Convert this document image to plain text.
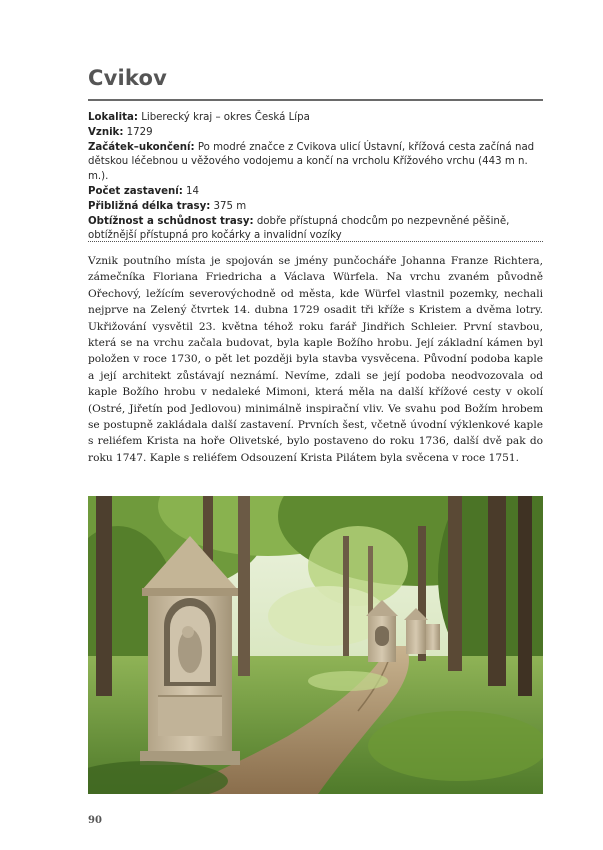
Cvikov

Lokalita: Liberecký kraj – okres Česká Lípa

Vznik: 1729

Začátek–ukončení: Po modré značce z Cvikova ulicí Ústavní, křížová cesta začíná nad dětskou léčebnou u věžového vodojemu a končí na vrcholu Křížového vrchu (443 m n. m.).

Počet zastavení: 14

Přibližná délka trasy: 375 m

Obtížnost a schůdnost trasy: dobře přístupná chodcům po nezpevněné pěšině, obtížnější přístupná pro kočárky a invalidní vozíky

Vznik poutního místa je spojován se jmény punčocháře Johanna Franze Richtera, zámečníka Floriana Friedricha a Václava Würfela. Na vrchu zvaném původně Ořechový, ležícím severovýchodně od města, kde Würfel vlastnil pozemky, nechali nejprve na Zelený čtvrtek 14. dubna 1729 osadit tři kříže s Kristem a dvěma lotry. Ukřižování vysvětil 23. května téhož roku farář Jindřich Schleier. První stavbou, která se na vrchu začala budovat, byla kaple Božího hrobu. Její základní kámen byl položen v roce 1730, o pět let později byla stavba vysvěcena. Původní podoba kaple a její architekt zůstávají neznámí. Nevíme, zdali se její podoba neodvozovala od kaple Božího hrobu v nedaleké Mimoni, která měla na další křížové cesty v okolí (Ostré, Jiřetín pod Jedlovou) minimálně inspirační vliv. Ve svahu pod Božím hrobem se postupně zakládala další zastavení. Prvních šest, včetně úvodní výklenkové kaple s reliéfem Krista na hoře Olivetské, bylo postaveno do roku 1736, další dvě pak do roku 1747. Kaple s reliéfem Odsouzení Krista Pilátem byla svěcena v roce 1751.

90
